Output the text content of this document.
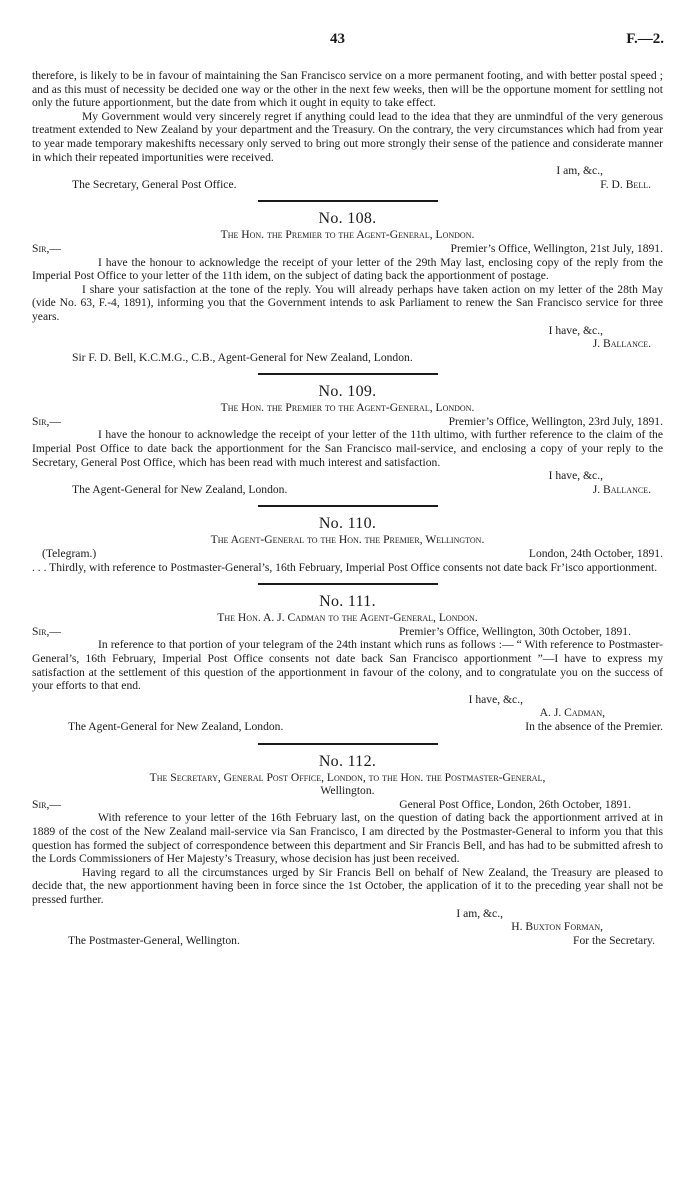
43	F.—2.

therefore, is likely to be in favour of maintaining the San Francisco service on a more permanent footing, and with better postal speed ; and as this must of necessity be decided one way or the other in the next few weeks, then will be the opportune moment for settling not only the future apportionment, but the date from which it ought in equity to take effect.

My Government would very sincerely regret if anything could lead to the idea that they are unmindful of the very generous treatment extended to New Zealand by your department and the Treasury. On the contrary, the very circumstances which had from year to year made temporary makeshifts necessary only served to bring out more strongly their sense of the patience and considerate manner in which their repeated importunities were received.

I am, &c.,
The Secretary, General Post Office.	F. D. Bell.
No. 108.
The Hon. the Premier to the Agent-General, London.
Sir,—	Premier’s Office, Wellington, 21st July, 1891.

I have the honour to acknowledge the receipt of your letter of the 29th May last, enclosing copy of the reply from the Imperial Post Office to your letter of the 11th idem, on the subject of dating back the apportionment of postage.

I share your satisfaction at the tone of the reply. You will already perhaps have taken action on my letter of the 28th May (vide No. 63, F.-4, 1891), informing you that the Government intends to ask Parliament to renew the San Francisco service for three years.

I have, &c.,
J. Ballance.
Sir F. D. Bell, K.C.M.G., C.B., Agent-General for New Zealand, London.
No. 109.
The Hon. the Premier to the Agent-General, London.
Sir,—	Premier’s Office, Wellington, 23rd July, 1891.

I have the honour to acknowledge the receipt of your letter of the 11th ultimo, with further reference to the claim of the Imperial Post Office to date back the apportionment for the San Francisco mail-service, and enclosing a copy of your reply to the Secretary, General Post Office, which has been read with much interest and satisfaction.

I have, &c.,
The Agent-General for New Zealand, London.	J. Ballance.
No. 110.
The Agent-General to the Hon. the Premier, Wellington.
(Telegram.)	London, 24th October, 1891.

. . . Thirdly, with reference to Postmaster-General’s, 16th February, Imperial Post Office consents not date back Fr’isco apportionment.

No. 111.
The Hon. A. J. Cadman to the Agent-General, London.
Sir,—	Premier’s Office, Wellington, 30th October, 1891.

In reference to that portion of your telegram of the 24th instant which runs as follows :— “ With reference to Postmaster-General’s, 16th February, Imperial Post Office consents not date back San Francisco apportionment ”—I have to express my satisfaction at the settlement of this question of the apportionment in favour of the colony, and to congratulate you on the success of your efforts to that end.

I have, &c.,
A. J. Cadman,
The Agent-General for New Zealand, London.	In the absence of the Premier.
No. 112.
The Secretary, General Post Office, London, to the Hon. the Postmaster-General,
Wellington.
Sir,—	General Post Office, London, 26th October, 1891.

With reference to your letter of the 16th February last, on the question of dating back the apportionment arrived at in 1889 of the cost of the New Zealand mail-service via San Francisco, I am directed by the Postmaster-General to inform you that this question has formed the subject of correspondence between this department and Sir Francis Bell, and has had to be submitted afresh to the Lords Commissioners of Her Majesty’s Treasury, whose decision has just been received.

Having regard to all the circumstances urged by Sir Francis Bell on behalf of New Zealand, the Treasury are pleased to decide that, the new apportionment having been in force since the 1st October, the application of it to the preceding year shall not be pressed further.

I am, &c.,
H. Buxton Forman,
The Postmaster-General, Wellington.	For the Secretary.
